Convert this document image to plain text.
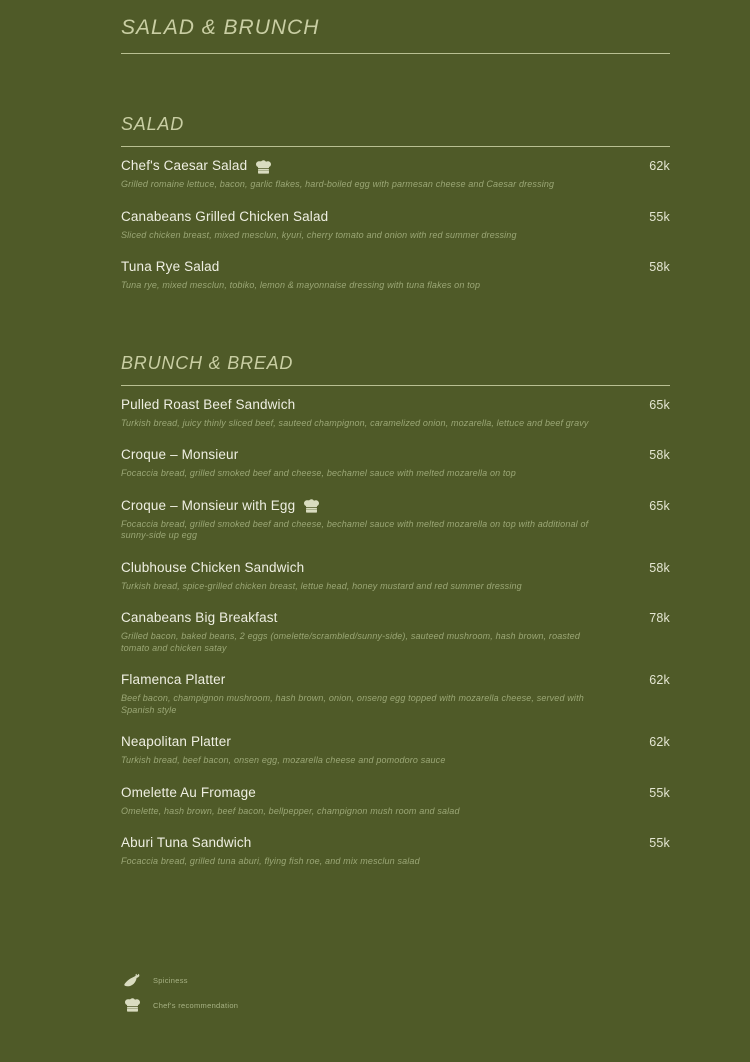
SALAD & BRUNCH
SALAD
Chef's Caesar Salad	62k
Grilled romaine lettuce, bacon, garlic flakes, hard-boiled egg with parmesan cheese and Caesar dressing
Canabeans Grilled Chicken Salad	55k
Sliced chicken breast, mixed mesclun, kyuri, cherry tomato and onion with red summer dressing
Tuna Rye Salad	58k
Tuna rye, mixed mesclun, tobiko, lemon & mayonnaise dressing with tuna flakes on top
BRUNCH & BREAD
Pulled Roast Beef Sandwich	65k
Turkish bread, juicy thinly sliced beef, sauteed champignon, caramelized onion, mozarella, lettuce and beef gravy
Croque – Monsieur	58k
Focaccia bread, grilled smoked beef and cheese, bechamel sauce with melted mozarella on top
Croque – Monsieur with Egg	65k
Focaccia bread, grilled smoked beef and cheese, bechamel sauce with melted mozarella on top with additional of sunny-side up egg
Clubhouse Chicken Sandwich	58k
Turkish bread, spice-grilled chicken breast, lettue head, honey mustard and red summer dressing
Canabeans Big Breakfast	78k
Grilled bacon, baked beans, 2 eggs (omelette/scrambled/sunny-side), sauteed mushroom, hash brown, roasted tomato and chicken satay
Flamenca Platter	62k
Beef bacon, champignon mushroom, hash brown, onion, onseng egg topped with mozarella cheese, served with Spanish style
Neapolitan Platter	62k
Turkish bread, beef bacon, onsen egg, mozarella cheese and pomodoro sauce
Omelette Au Fromage	55k
Omelette, hash brown, beef bacon, bellpepper, champignon mush room and salad
Aburi Tuna Sandwich	55k
Focaccia bread, grilled tuna aburi, flying fish roe, and mix mesclun salad
Spiciness
Chef's recommendation
